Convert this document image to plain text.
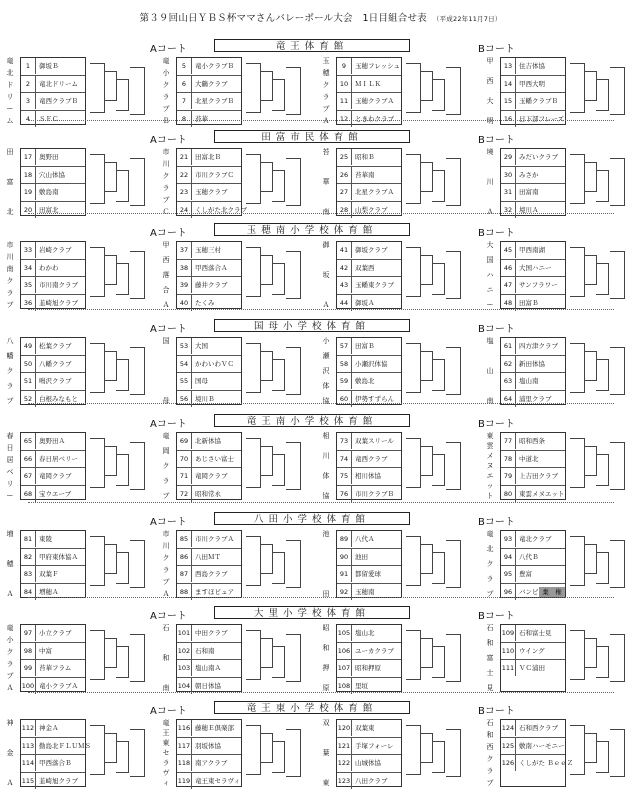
第３９回山日ＹＢＳ杯ママさんバレーボール大会　1日目組合せ表 （平成22年11月7日）
Aコート	竜王体育館	Bコート
竜
北
ド
リ
ー
ム
1 御坂Ｂ
2 竜北ドリーム
3 竜西クラブＢ
4 ＳＦＣ
竜
小
ク
ラ
ブ
Ｂ
5 竜小クラブＢ
6 大鶴クラブ
7 北星クラブＢ
8 苔華
玉
穂
ク
ラ
ブ
Ａ
9 玉穂フレッシュ
10 ＭＩＬＫ
11 玉穂クラブＡ
12 ときわクラブ
甲
西
大
明
13 住吉体協
14 甲西大明
15 玉幡クラブＢ
16 日下部フレーズ
Aコート	田富市民体育館	Bコート
田
富
北
17 奥野田
18 穴山体協
19 敷島南
20 田富北
市
川
ク
ラ
ブ
Ｃ
21 田富北Ｂ
22 市川クラブＣ
23 玉穂クラブ
24 くしがた北クラブ
苔
華
南
25 昭和Ｂ
26 苔華南
27 北星クラブＡ
28 山梨クラブ
境
川
Ａ
29 みだいクラブ
30 みさか
31 田富南
32 境川Ａ
Aコート	玉穂南小学校体育館	Bコート
市
川
南
ク
ラ
ブ
33 岩崎クラブ
34 わかわ
35 市川南クラブ
36 韮崎旭クラブ
甲
西
落
合
Ａ
37 玉穂三村
38 甲西落合Ａ
39 藤井クラブ
40 たくみ
御
坂
Ａ
41 御坂クラブ
42 双葉西
43 玉幡東クラブ
44 御坂Ａ
大
国
ハ
ニ
ー
45 甲西南湖
46 大国ハニー
47 サンフラワー
48 田富Ｂ
Aコート	国母小学校体育館	Bコート
八
幡
ク
ラ
ブ
49 松葉クラブ
50 八幡クラブ
51 鳴沢クラブ
52 白根みなもと
国
母
53 大国
54 かわいわＶＣ
55 国母
56 境川Ｂ
小
瀬
沢
体
協
57 田富Ｂ
58 小瀬沢体協
59 敷島北
60 伊勢すずらん
塩
山
南
61 四方津クラブ
62 新田体協
63 塩山南
64 浦里クラブ
Aコート	竜王南小学校体育館	Bコート
春
日
居
ベ
リ
ー
65 奥野田Ａ
66 春日居ベリー
67 竜岡クラブ
68 宝ウエーブ
竜
岡
ク
ラ
ブ
69 北新体協
70 あじさい富士
71 竜岡クラブ
72 昭和常永
相
川
体
協
73 双葉スリール
74 竜西クラブ
75 相川体協
76 市川クラブＢ
東
雲
メ
ヌ
エ
ッ
ト
77 昭和西条
78 中道北
79 上吉田クラブ
80 東雲メヌエット
Aコート	八田小学校体育館	Bコート
増
穂
Ａ
81 東陵
82 甲府東体協Ａ
83 双葉Ｆ
84 増穂Ａ
市
川
ク
ラ
ブ
Ａ
85 市川クラブＡ
86 八田ＭＴ
87 西島クラブ
88 ますほビュア
池
田
89 八代Ａ
90 池田
91 都留愛球
92 玉穂南
竜
北
ク
ラ
ブ
93 竜北クラブ
94 八代Ｂ
95 豊富
96 バンビ 棄　権
Aコート	大里小学校体育館	Bコート
竜
小
ク
ラ
ブ
Ａ
97 小立クラブ
98 中富
99 苔華フラム
100 竜小クラブＡ
石
和
南
101 中田クラブ
102 石和南
103 塩山南Ａ
104 朝日体協
昭
和
押
原
105 塩山北
106 ユーカクラブ
107 昭和押原
108 里垣
石
和
富
士
見
109 石和富士見
110 ウイング
111 ＶＣ浦田
Aコート	竜王東小学校体育館	Bコート
神
金
Ａ
112 神金Ａ
113 勤島北ＦＬＵＭＳ
114 甲西落合Ｂ
115 韮崎旭クラブ
竜
王
東
セ
ラ
ヴ
ィ
116 藤穂Ｅ倶楽部
117 羽坂体協
118 南アクラブ
119 竜王東セラヴィ
双
葉
東
120 双葉東
121 手塚フォーレ
122 山城体協
123 八田クラブ
石
和
西
ク
ラ
ブ
124 石和西クラブ
125 敷南ハーモニー
126 くしがた ＢｅｅＺ
